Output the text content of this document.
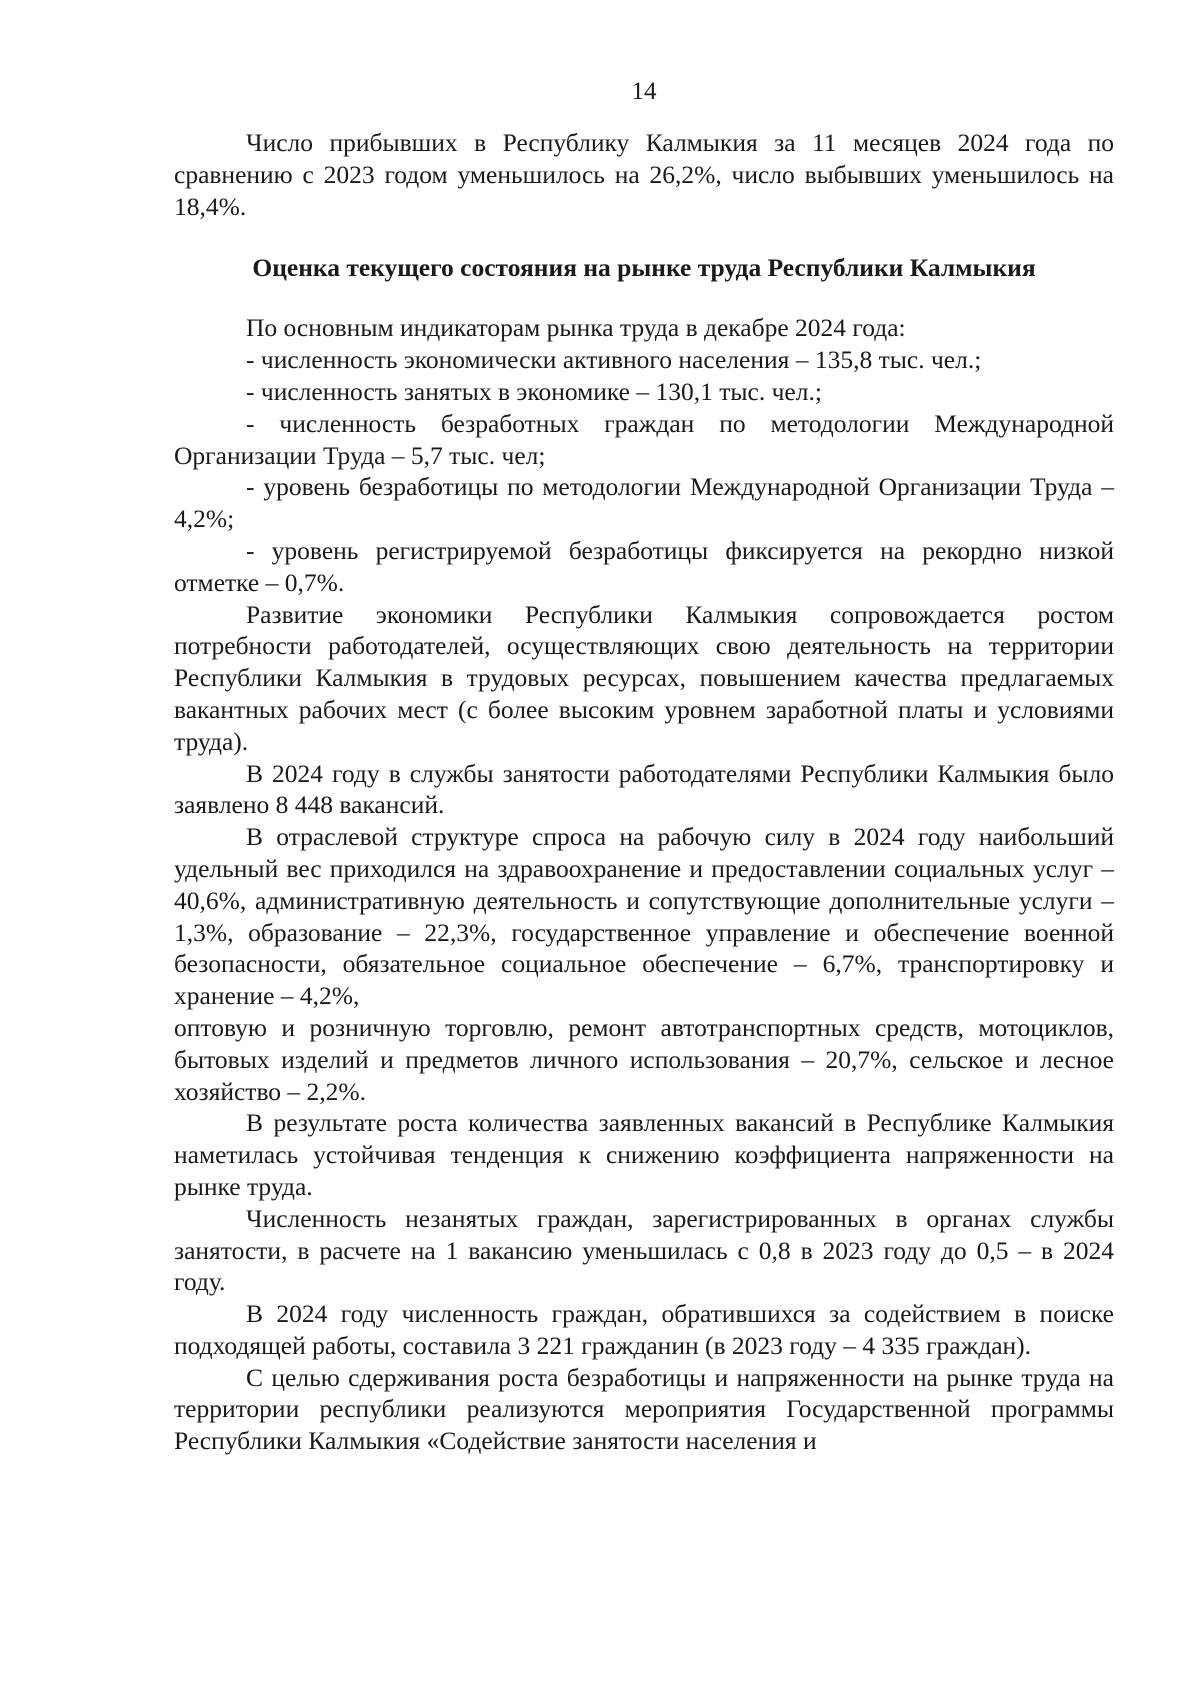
14

Число прибывших в Республику Калмыкия за 11 месяцев 2024 года по сравнению с 2023 годом уменьшилось на 26,2%, число выбывших уменьшилось на 18,4%.

Оценка текущего состояния на рынке труда Республики Калмыкия

По основным индикаторам рынка труда в декабре 2024 года:

- численность экономически активного населения – 135,8 тыс. чел.;

- численность занятых в экономике – 130,1 тыс. чел.;

- численность безработных граждан по методологии Международной Организации Труда – 5,7 тыс. чел;

- уровень безработицы по методологии Международной Организации Труда – 4,2%;

- уровень регистрируемой безработицы фиксируется на рекордно низкой отметке – 0,7%.

Развитие экономики Республики Калмыкия сопровождается ростом потребности работодателей, осуществляющих свою деятельность на территории Республики Калмыкия в трудовых ресурсах, повышением качества предлагаемых вакантных рабочих мест (с более высоким уровнем заработной платы и условиями труда).

В 2024 году в службы занятости работодателями Республики Калмыкия было заявлено 8 448 вакансий.

В отраслевой структуре спроса на рабочую силу в 2024 году наибольший удельный вес приходился на здравоохранение и предоставлении социальных услуг – 40,6%, административную деятельность и сопутствующие дополнительные услуги – 1,3%, образование – 22,3%, государственное управление и обеспечение военной безопасности, обязательное социальное обеспечение – 6,7%, транспортировку и хранение – 4,2%,

оптовую и розничную торговлю, ремонт автотранспортных средств, мотоциклов, бытовых изделий и предметов личного использования – 20,7%, сельское и лесное хозяйство – 2,2%.

В результате роста количества заявленных вакансий в Республике Калмыкия наметилась устойчивая тенденция к снижению коэффициента напряженности на рынке труда.

Численность незанятых граждан, зарегистрированных в органах службы занятости, в расчете на 1 вакансию уменьшилась с 0,8 в 2023 году до 0,5 – в 2024 году.

В 2024 году численность граждан, обратившихся за содействием в поиске подходящей работы, составила 3 221 гражданин (в 2023 году – 4 335 граждан).

С целью сдерживания роста безработицы и напряженности на рынке труда на территории республики реализуются мероприятия Государственной программы Республики Калмыкия «Содействие занятости населения и
